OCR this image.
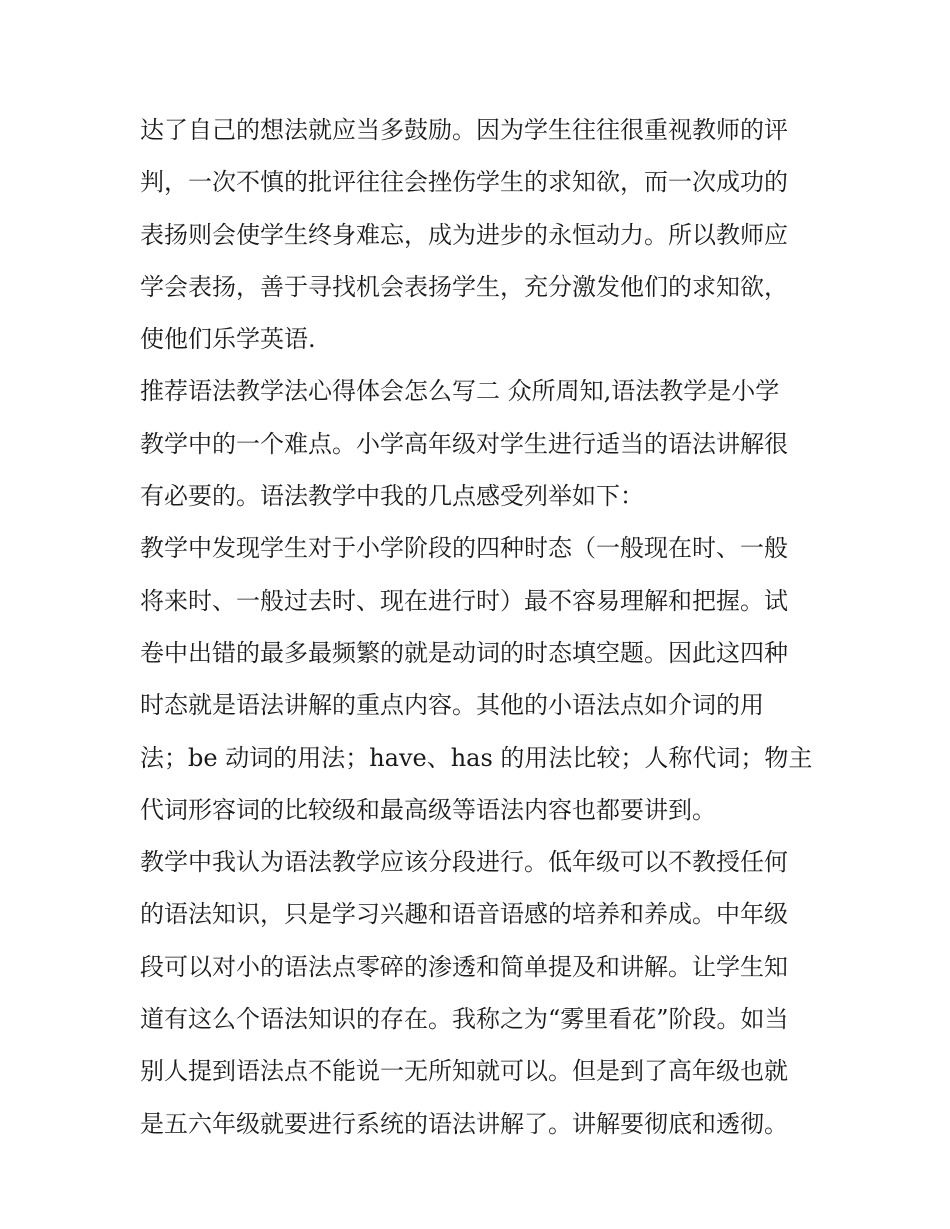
达了自己的想法就应当多鼓励。因为学生往往很重视教师的评
判，一次不慎的批评往往会挫伤学生的求知欲，而一次成功的
表扬则会使学生终身难忘，成为进步的永恒动力。所以教师应
学会表扬，善于寻找机会表扬学生，充分激发他们的求知欲，
使他们乐学英语.
推荐语法教学法心得体会怎么写二 众所周知,语法教学是小学
教学中的一个难点。小学高年级对学生进行适当的语法讲解很
有必要的。语法教学中我的几点感受列举如下：
教学中发现学生对于小学阶段的四种时态（一般现在时、一般
将来时、一般过去时、现在进行时）最不容易理解和把握。试
卷中出错的最多最频繁的就是动词的时态填空题。因此这四种
时态就是语法讲解的重点内容。其他的小语法点如介词的用
法；be 动词的用法；have、has 的用法比较；人称代词；物主
代词形容词的比较级和最高级等语法内容也都要讲到。
教学中我认为语法教学应该分段进行。低年级可以不教授任何
的语法知识，只是学习兴趣和语音语感的培养和养成。中年级
段可以对小的语法点零碎的渗透和简单提及和讲解。让学生知
道有这么个语法知识的存在。我称之为“雾里看花”阶段。如当
别人提到语法点不能说一无所知就可以。但是到了高年级也就
是五六年级就要进行系统的语法讲解了。讲解要彻底和透彻。
